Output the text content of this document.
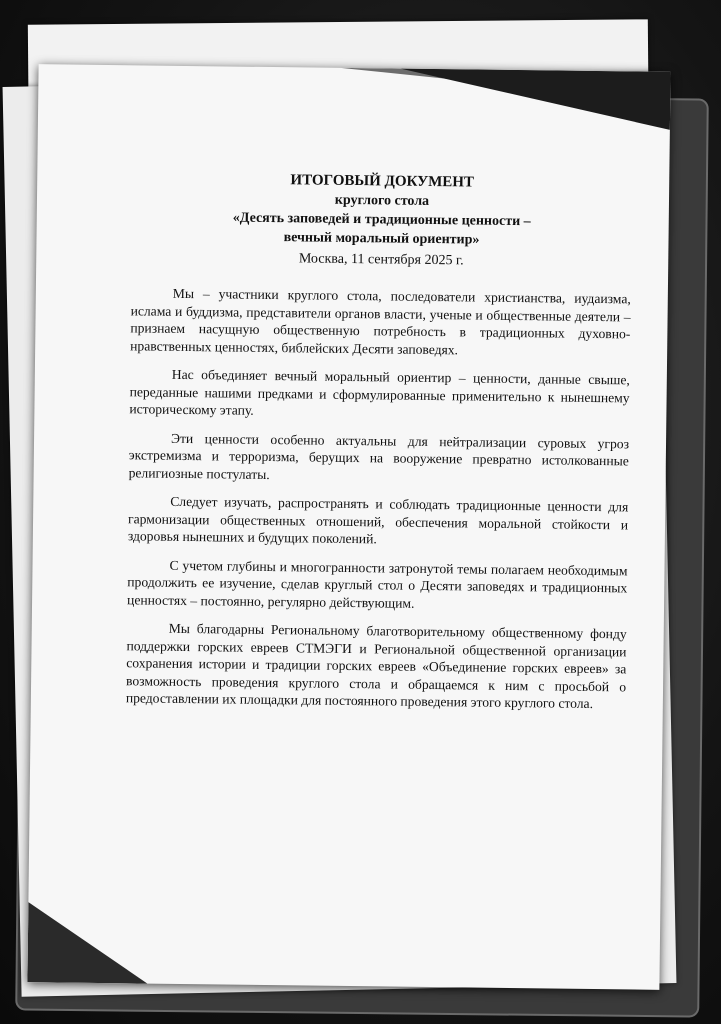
ИТОГОВЫЙ ДОКУМЕНТ

круглого стола

«Десять заповедей и традиционные ценности –

вечный моральный ориентир»

Москва, 11 сентября 2025 г.

Мы – участники круглого стола, последователи христианства, иудаизма, ислама и буддизма, представители органов власти, ученые и общественные деятели – признаем насущную общественную потребность в традиционных духовно-нравственных ценностях, библейских Десяти заповедях.

Нас объединяет вечный моральный ориентир – ценности, данные свыше, переданные нашими предками и сформулированные применительно к нынешнему историческому этапу.

Эти ценности особенно актуальны для нейтрализации суровых угроз экстремизма и терроризма, берущих на вооружение превратно истолкованные религиозные постулаты.

Следует изучать, распространять и соблюдать традиционные ценности для гармонизации общественных отношений, обеспечения моральной стойкости и здоровья нынешних и будущих поколений.

С учетом глубины и многогранности затронутой темы полагаем необходимым продолжить ее изучение, сделав круглый стол о Десяти заповедях и традиционных ценностях – постоянно, регулярно действующим.

Мы благодарны Региональному благотворительному общественному фонду поддержки горских евреев СТМЭГИ и Региональной общественной организации сохранения истории и традиции горских евреев «Объединение горских евреев» за возможность проведения круглого стола и обращаемся к ним с просьбой о предоставлении их площадки для постоянного проведения этого круглого стола.
